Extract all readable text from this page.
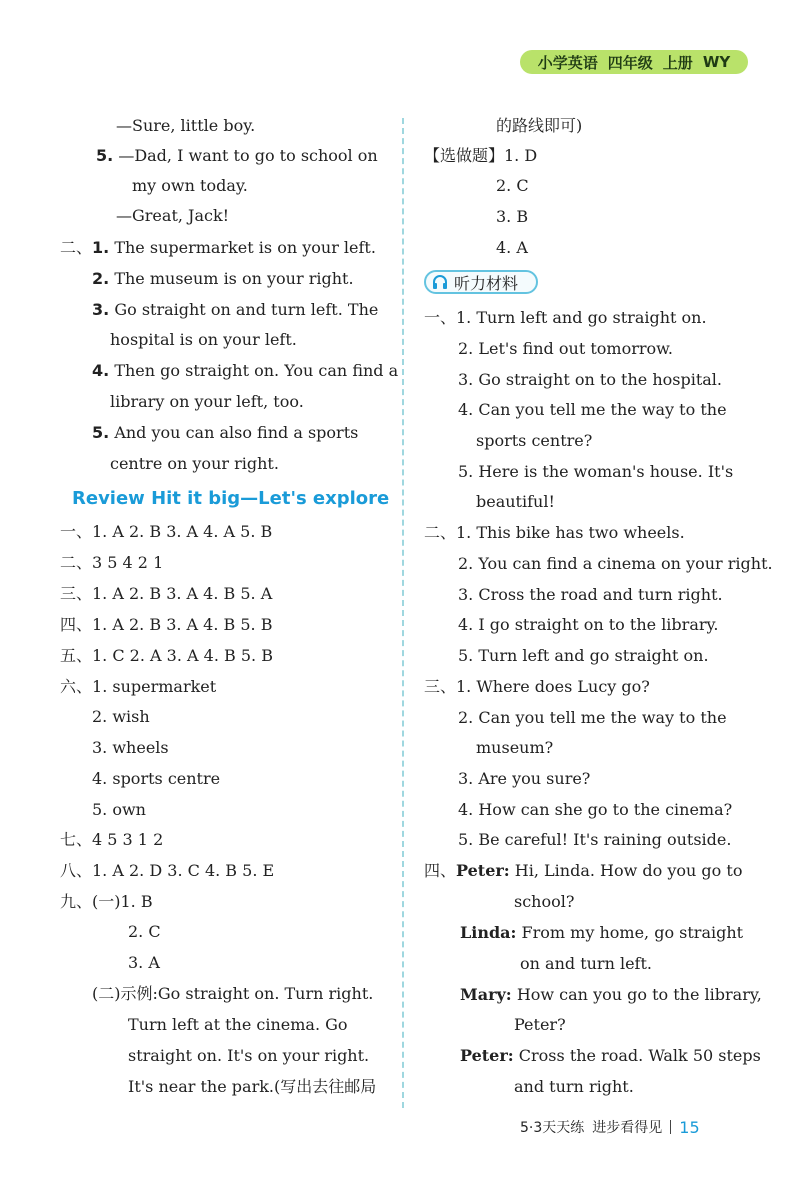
小学英语 四年级 上册 WY
—Sure, little boy.
5. —Dad, I want to go to school on
my own today.
—Great, Jack!
二、1. The supermarket is on your left.
2. The museum is on your right.
3. Go straight on and turn left. The
hospital is on your left.
4. Then go straight on. You can find a
library on your left, too.
5. And you can also find a sports
centre on your right.
Review Hit it big—Let's explore
一、1. A 2. B 3. A 4. A 5. B
二、3 5 4 2 1
三、1. A 2. B 3. A 4. B 5. A
四、1. A 2. B 3. A 4. B 5. B
五、1. C 2. A 3. A 4. B 5. B
六、1. supermarket
2. wish
3. wheels
4. sports centre
5. own
七、4 5 3 1 2
八、1. A 2. D 3. C 4. B 5. E
九、(一)1. B
2. C
3. A
(二)示例:Go straight on. Turn right.
Turn left at the cinema. Go
straight on. It's on your right.
It's near the park.(写出去往邮局
的路线即可)
【选做题】1. D
2. C
3. B
4. A
听力材料
一、1. Turn left and go straight on.
2. Let's find out tomorrow.
3. Go straight on to the hospital.
4. Can you tell me the way to the
sports centre?
5. Here is the woman's house. It's
beautiful!
二、1. This bike has two wheels.
2. You can find a cinema on your right.
3. Cross the road and turn right.
4. I go straight on to the library.
5. Turn left and go straight on.
三、1. Where does Lucy go?
2. Can you tell me the way to the
museum?
3. Are you sure?
4. How can she go to the cinema?
5. Be careful! It's raining outside.
四、Peter: Hi, Linda. How do you go to
school?
Linda: From my home, go straight
on and turn left.
Mary: How can you go to the library,
Peter?
Peter: Cross the road. Walk 50 steps
and turn right.
5·3天天练 进步看得见 15
